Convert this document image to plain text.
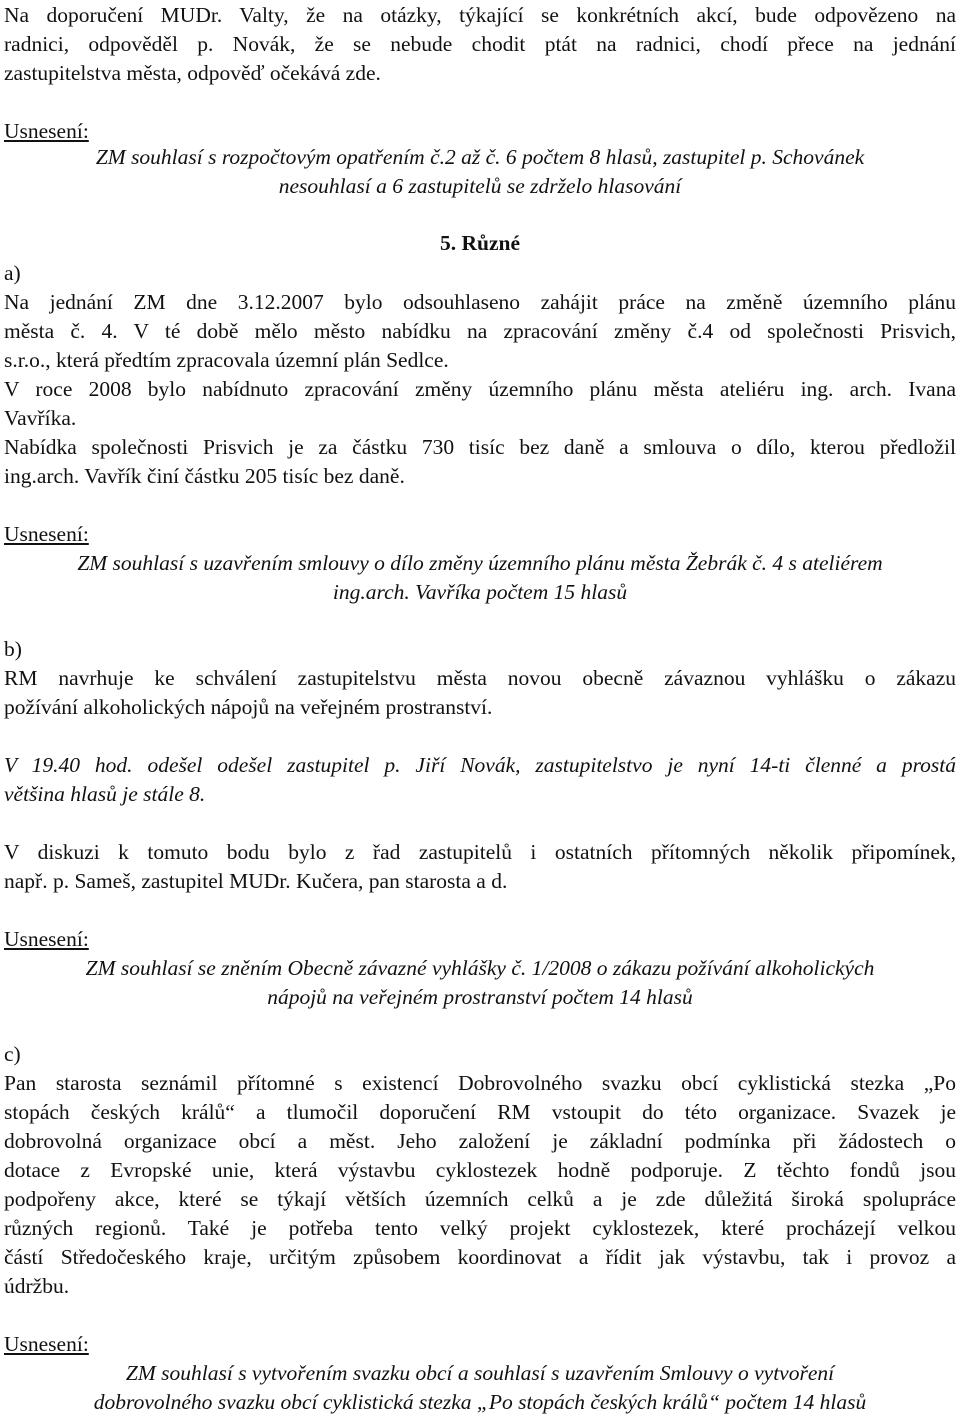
Na doporučení MUDr. Valty, že na otázky, týkající se konkrétních akcí, bude odpovězeno na
radnici, odpověděl p. Novák, že se nebude chodit ptát na radnici, chodí přece na jednání
zastupitelstva města, odpověď očekává zde.
Usnesení:
ZM souhlasí s rozpočtovým opatřením č.2 až č. 6 počtem 8 hlasů, zastupitel p. Schovánek
nesouhlasí a 6 zastupitelů se zdrželo hlasování
5. Různé
a)
Na jednání ZM dne 3.12.2007 bylo odsouhlaseno zahájit práce na změně územního plánu
města č. 4. V té době mělo město nabídku na zpracování změny č.4 od společnosti Prisvich,
s.r.o., která předtím zpracovala územní plán Sedlce.
V roce 2008 bylo nabídnuto zpracování změny územního plánu města ateliéru ing. arch. Ivana
Vavříka.
Nabídka společnosti Prisvich je za částku 730 tisíc bez daně a smlouva o dílo, kterou předložil
ing.arch. Vavřík činí částku 205 tisíc bez daně.
Usnesení:
ZM souhlasí s uzavřením smlouvy o dílo změny územního plánu města Žebrák č. 4 s ateliérem
ing.arch. Vavříka počtem 15 hlasů
b)
RM navrhuje ke schválení zastupitelstvu města novou obecně závaznou vyhlášku o zákazu
požívání alkoholických nápojů na veřejném prostranství.
V 19.40 hod. odešel odešel zastupitel p. Jiří Novák, zastupitelstvo je nyní 14-ti členné a prostá
většina hlasů je stále 8.
V diskuzi k tomuto bodu bylo z řad zastupitelů i ostatních přítomných několik připomínek,
např. p. Sameš, zastupitel MUDr. Kučera, pan starosta a d.
Usnesení:
ZM souhlasí se zněním Obecně závazné vyhlášky č. 1/2008 o zákazu požívání alkoholických
nápojů na veřejném prostranství počtem 14 hlasů
c)
Pan starosta seznámil přítomné s existencí Dobrovolného svazku obcí cyklistická stezka „Po
stopách českých králů“ a tlumočil doporučení RM vstoupit do této organizace. Svazek je
dobrovolná organizace obcí a měst. Jeho založení je základní podmínka při žádostech o
dotace z Evropské unie, která výstavbu cyklostezek hodně podporuje. Z těchto fondů jsou
podpořeny akce, které se týkají větších územních celků a je zde důležitá široká spolupráce
různých regionů. Také je potřeba tento velký projekt cyklostezek, které procházejí velkou
částí Středočeského kraje, určitým způsobem koordinovat a řídit jak výstavbu, tak i provoz a
údržbu.
Usnesení:
ZM souhlasí s vytvořením svazku obcí a souhlasí s uzavřením Smlouvy o vytvoření
dobrovolného svazku obcí cyklistická stezka „Po stopách českých králů“ počtem 14 hlasů
